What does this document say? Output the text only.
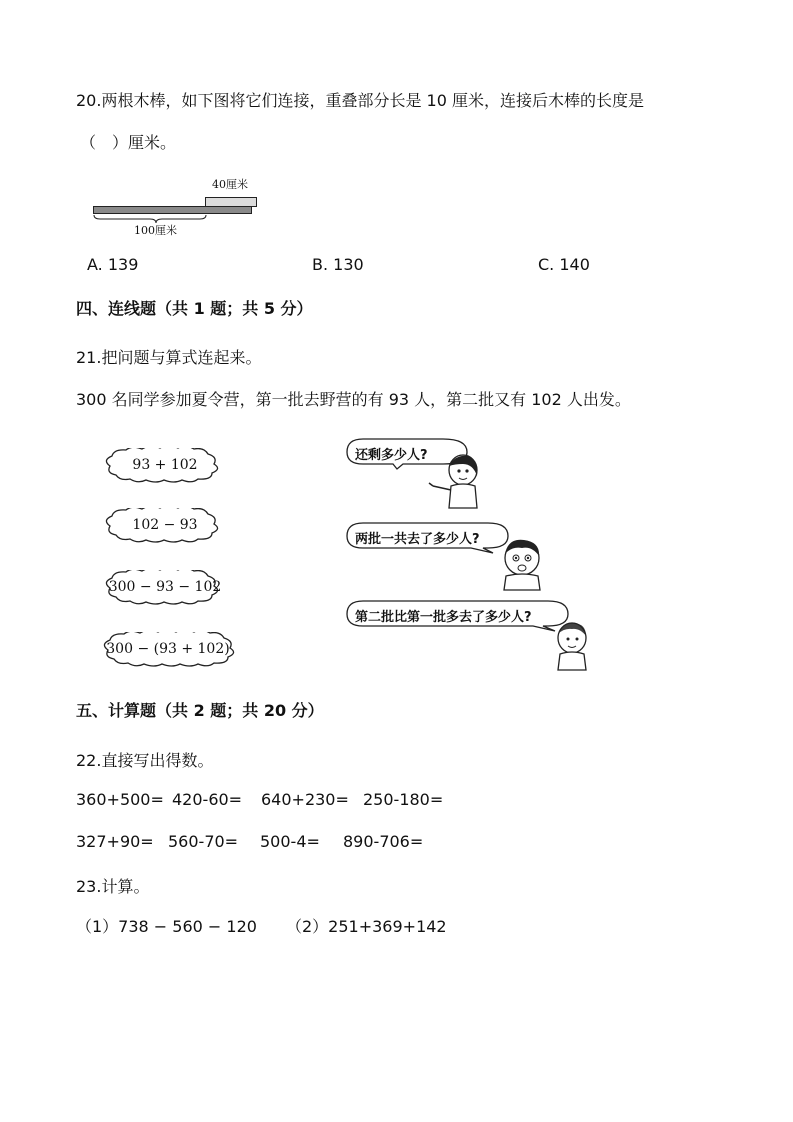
20.两根木棒，如下图将它们连接，重叠部分长是 10 厘米，连接后木棒的长度是
（　）厘米。
40厘米
100厘米
A. 139	B. 130	C. 140
四、连线题（共 1 题；共 5 分）
21.把问题与算式连起来。
300 名同学参加夏令营，第一批去野营的有 93 人，第二批又有 102 人出发。
93 + 102
102 − 93
300 − 93 − 102
300 − (93 + 102)
还剩多少人?
两批一共去了多少人?
第二批比第一批多去了多少人?
五、计算题（共 2 题；共 20 分）
22.直接写出得数。
360+500= 420-60= 640+230= 250-180=
327+90= 560-70= 500-4= 890-706=
23.计算。
（1）738 − 560 − 120 （2）251+369+142
